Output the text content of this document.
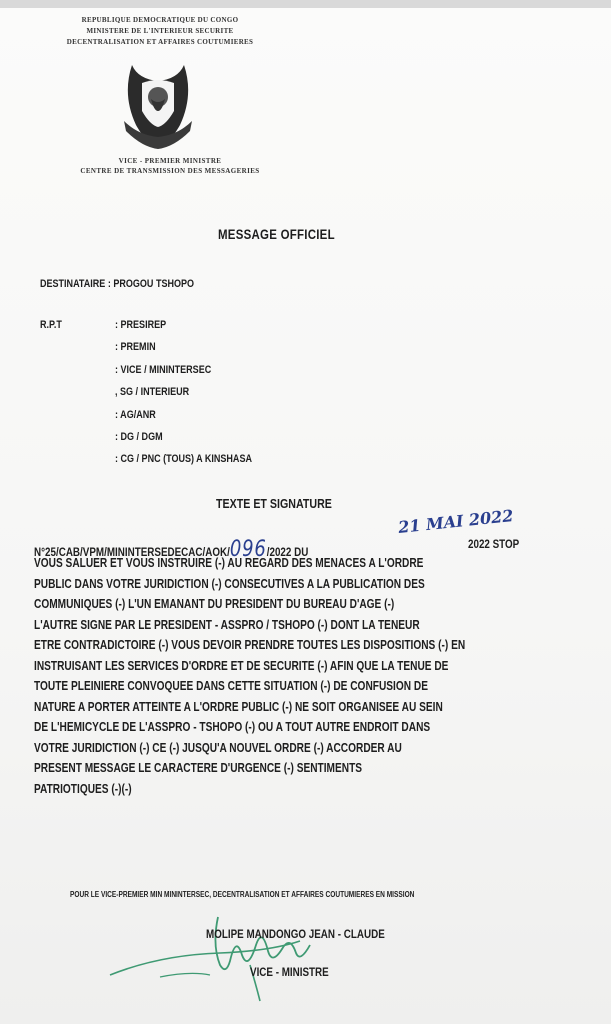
REPUBLIQUE DEMOCRATIQUE DU CONGO
MINISTERE DE L'INTERIEUR SECURITE
DECENTRALISATION ET AFFAIRES COUTUMIERES
VICE - PREMIER MINISTRE
CENTRE DE TRANSMISSION DES MESSAGERIES
MESSAGE OFFICIEL
DESTINATAIRE : PROGOU TSHOPO
R.P.T	: PRESIREP
: PREMIN
: VICE / MININTERSEC
, SG / INTERIEUR
: AG/ANR
: DG / DGM
: CG / PNC (TOUS) A KINSHASA
TEXTE ET SIGNATURE
N°25/CAB/VPM/MININTERSEDECAC/AOK/096/2022 DU
21 MAI 2022
2022 STOP
VOUS SALUER ET VOUS INSTRUIRE (-) AU REGARD DES MENACES A L'ORDRE
PUBLIC DANS VOTRE JURIDICTION (-) CONSECUTIVES A LA PUBLICATION DES
COMMUNIQUES (-) L'UN EMANANT DU PRESIDENT DU BUREAU D'AGE (-)
L'AUTRE SIGNE PAR LE PRESIDENT - ASSPRO / TSHOPO (-) DONT LA TENEUR
ETRE CONTRADICTOIRE (-) VOUS DEVOIR PRENDRE TOUTES LES DISPOSITIONS (-) EN
INSTRUISANT LES SERVICES D'ORDRE ET DE SECURITE (-) AFIN QUE LA TENUE DE
TOUTE PLEINIERE CONVOQUEE DANS CETTE SITUATION (-) DE CONFUSION DE
NATURE A PORTER ATTEINTE A L'ORDRE PUBLIC (-) NE SOIT ORGANISEE AU SEIN
DE L'HEMICYCLE DE L'ASSPRO - TSHOPO (-) OU A TOUT AUTRE ENDROIT DANS
VOTRE JURIDICTION (-) CE (-) JUSQU'A NOUVEL ORDRE (-) ACCORDER AU
PRESENT MESSAGE LE CARACTERE D'URGENCE (-) SENTIMENTS
PATRIOTIQUES (-)(-)
POUR LE VICE-PREMIER MIN MININTERSEC, DECENTRALISATION ET AFFAIRES COUTUMIERES EN MISSION
MOLIPE MANDONGO JEAN - CLAUDE
VICE - MINISTRE
